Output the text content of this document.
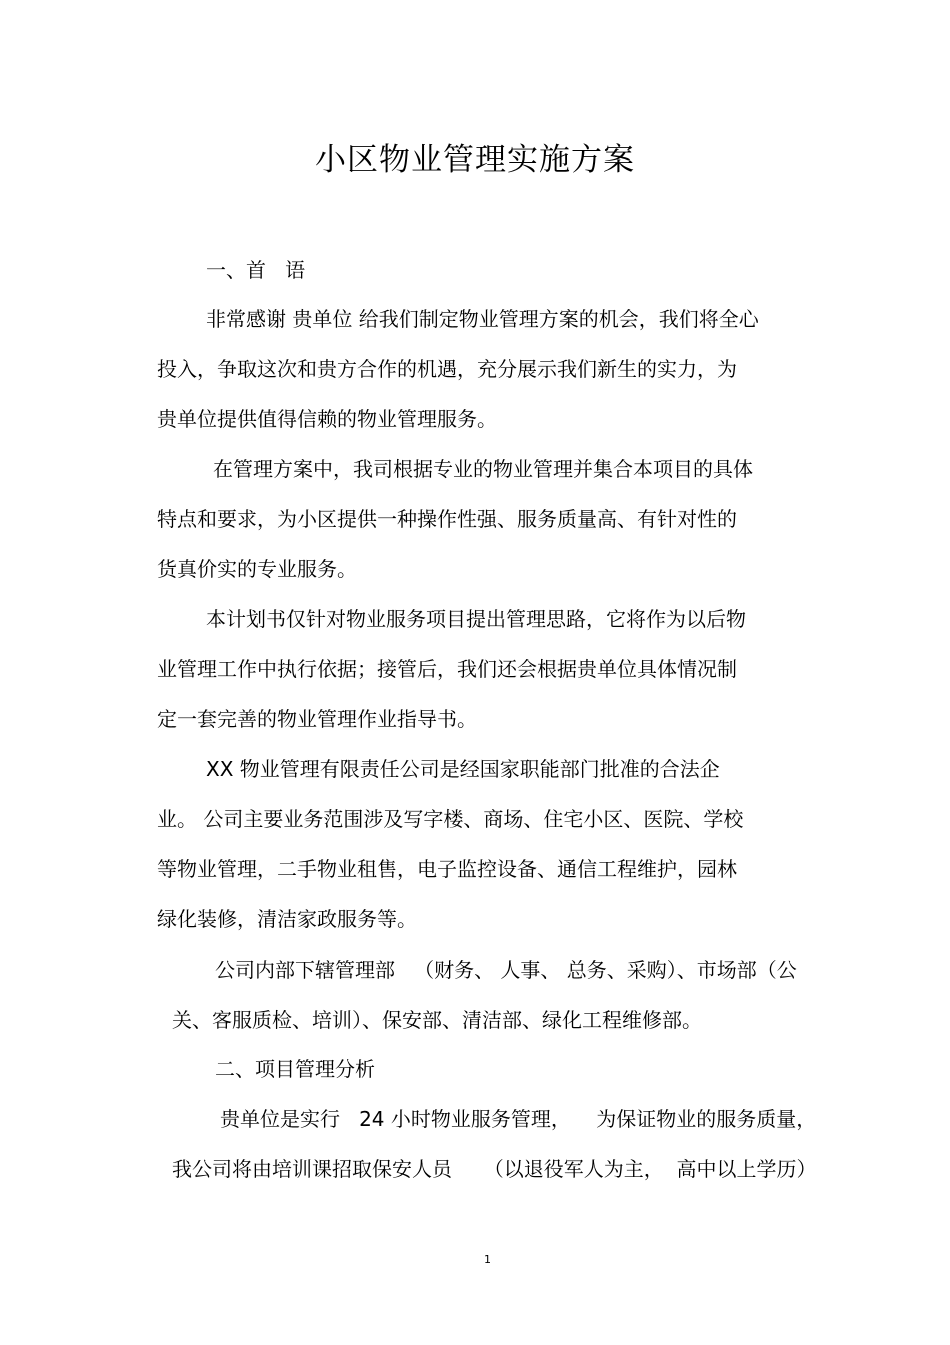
小区物业管理实施方案
一、首   语
非常感谢 贵单位 给我们制定物业管理方案的机会，我们将全心
投入，争取这次和贵方合作的机遇，充分展示我们新生的实力，为
贵单位提供值得信赖的物业管理服务。
在管理方案中，我司根据专业的物业管理并集合本项目的具体
特点和要求，为小区提供一种操作性强、服务质量高、有针对性的
货真价实的专业服务。
本计划书仅针对物业服务项目提出管理思路，它将作为以后物
业管理工作中执行依据；接管后，我们还会根据贵单位具体情况制
定一套完善的物业管理作业指导书。
XX 物业管理有限责任公司是经国家职能部门批准的合法企
业。 公司主要业务范围涉及写字楼、商场、住宅小区、医院、学校
等物业管理，二手物业租售，电子监控设备、通信工程维护，园林
绿化装修，清洁家政服务等。
公司内部下辖管理部   （财务、 人事、 总务、采购）、市场部（公
关、客服质检、培训）、保安部、清洁部、绿化工程维修部。
二、项目管理分析
贵单位是实行   24 小时物业服务管理，    为保证物业的服务质量，
我公司将由培训课招取保安人员     （以退役军人为主，  高中以上学历）
1
